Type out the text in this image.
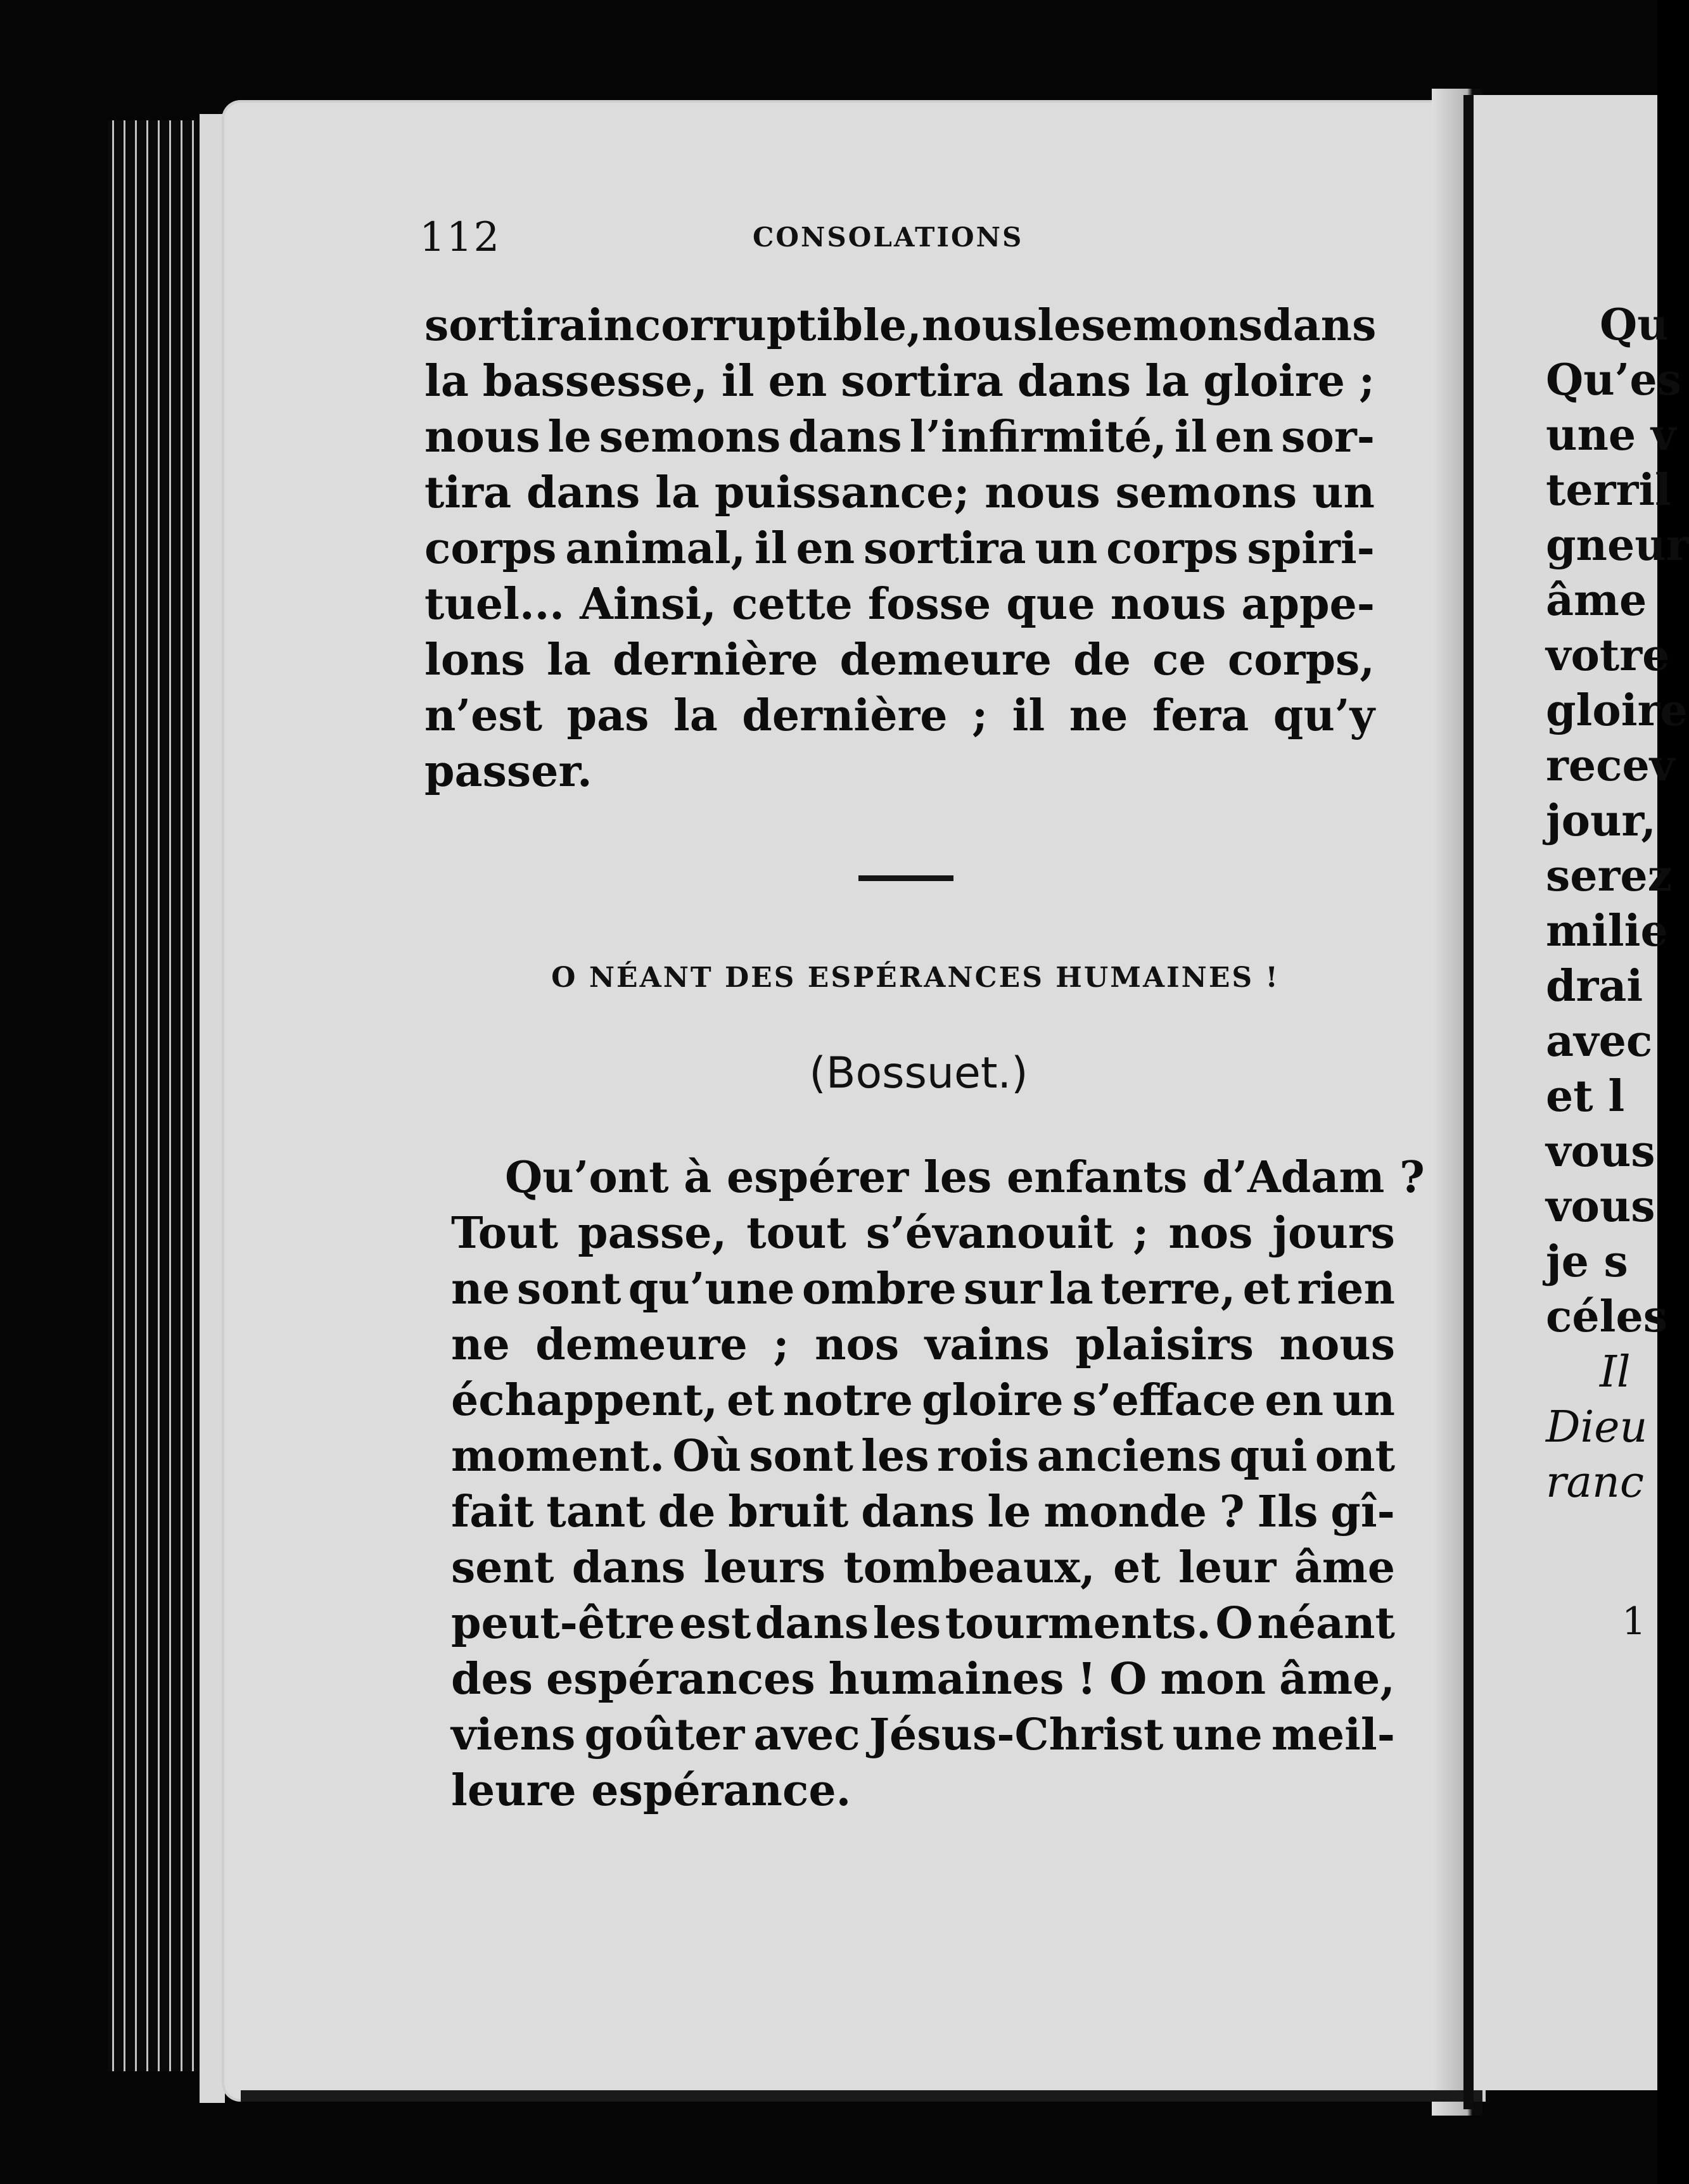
112	CONSOLATIONS
sortira incorruptible, nous le semons dans
la bassesse, il en sortira dans la gloire ;
nous le semons dans l’infirmité, il en sor-
tira dans la puissance; nous semons un
corps animal, il en sortira un corps spiri-
tuel... Ainsi, cette fosse que nous appe-
lons la dernière demeure de ce corps,
n’est pas la dernière ; il ne fera qu’y
passer.
O NÉANT DES ESPÉRANCES HUMAINES !
(Bossuet.)
Qu’ont à espérer les enfants d’Adam ?
Tout passe, tout s’évanouit ; nos jours
ne sont qu’une ombre sur la terre, et rien
ne demeure ; nos vains plaisirs nous
échappent, et notre gloire s’efface en un
moment. Où sont les rois anciens qui ont
fait tant de bruit dans le monde ? Ils gî-
sent dans leurs tombeaux, et leur âme
peut-être est dans les tourments. O néant
des espérances humaines ! O mon âme,
viens goûter avec Jésus-Christ une meil-
leure espérance.
Qu
Qu’es
une v
terril
gneur
âme
votre
gloire
recev
jour,
serez
milie
drai
avec
et l
vous
vous
je s
céles
Il
Dieu
ranc
1
